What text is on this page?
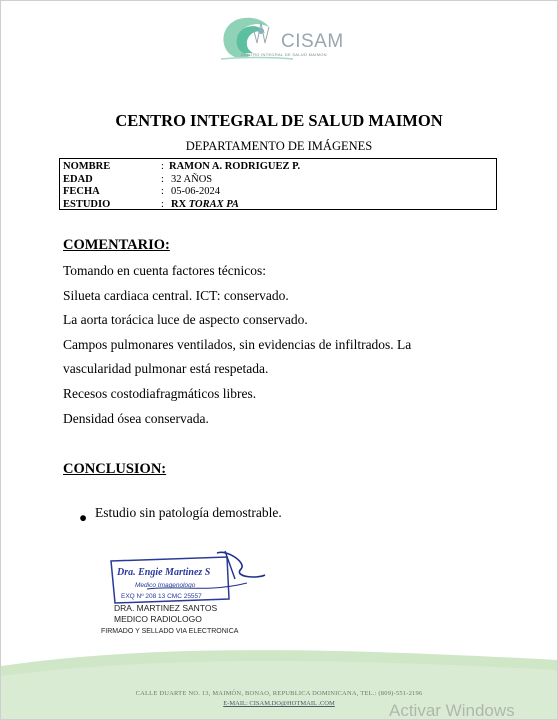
CISAM
CENTRO INTEGRAL DE SALUD MAIMON
CENTRO INTEGRAL DE SALUD MAIMON
DEPARTAMENTO DE IMÁGENES
NOMBRE	: RAMON A. RODRIGUEZ P.
EDAD	: 32 AÑOS
FECHA	: 05-06-2024
ESTUDIO	: RX TORAX PA
COMENTARIO:
Tomando en cuenta factores técnicos:
Silueta cardiaca central. ICT: conservado.
La aorta torácica luce de aspecto conservado.
Campos pulmonares ventilados, sin evidencias de infiltrados. La
vascularidad pulmonar está respetada.
Recesos costodiafragmáticos libres.
Densidad ósea conservada.
CONCLUSION:
● Estudio sin patología demostrable.
Dra. Engie Martinez S
Medico Imagenologo
EXQ Nº 208 13 CMC 25557
DRA. MARTINEZ SANTOS
MEDICO RADIOLOGO
FIRMADO Y SELLADO VIA ELECTRONICA
CALLE DUARTE NO. 13, MAIMÓN, BONAO, REPUBLICA DOMINICANA, TEL.: (809)-551-2196
E-MAIL: CISAM.DO@HOTMAIL .COM	Activar Windows
